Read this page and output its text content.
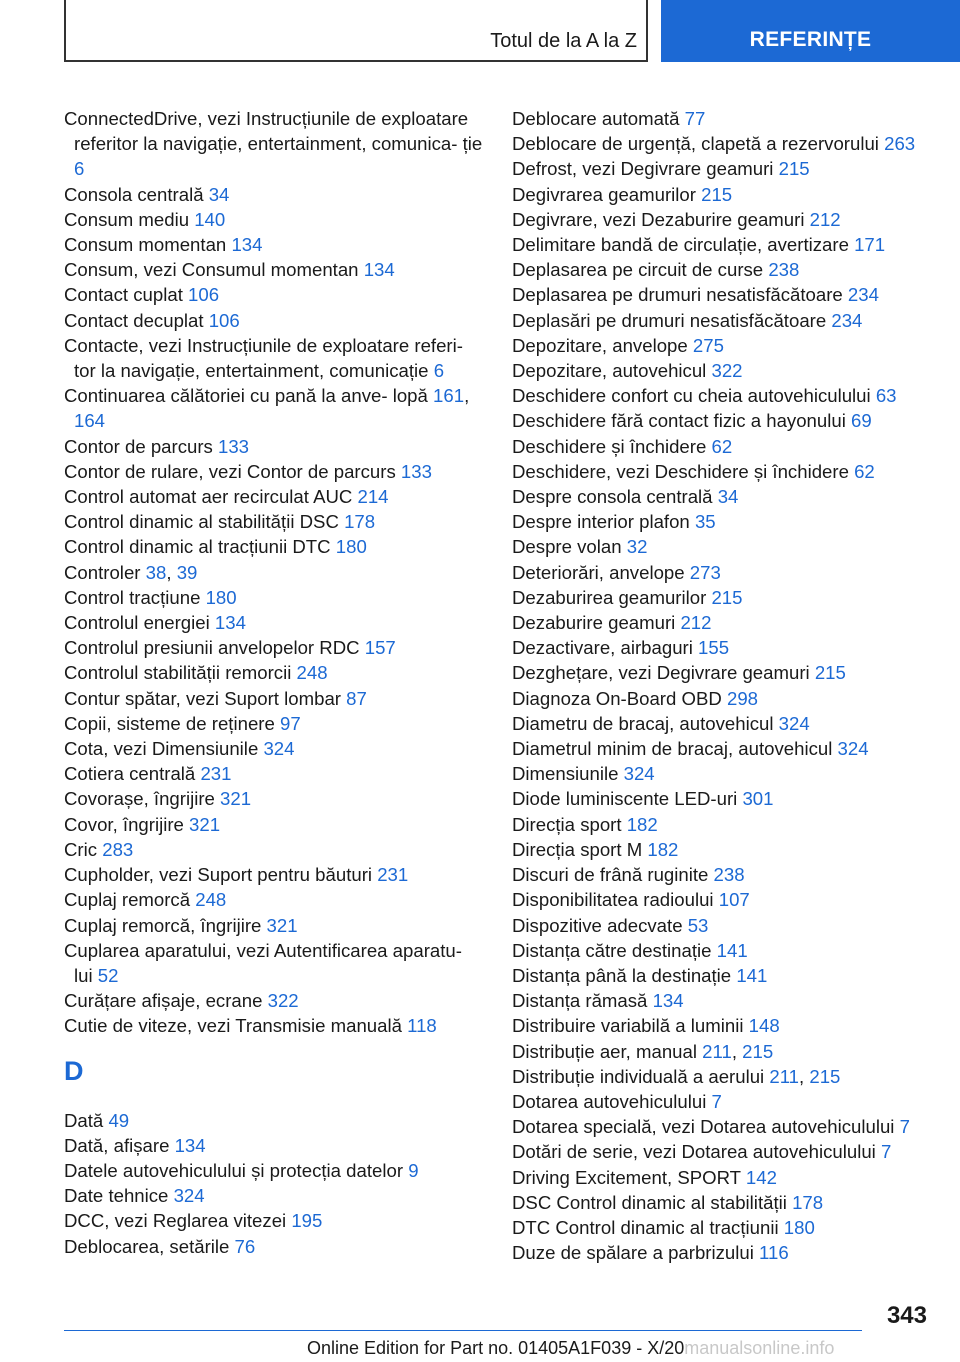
Totul de la A la Z	REFERINȚE

ConnectedDrive, vezi Instrucțiunile de exploatare referitor la navigație, entertainment, comunica‐ ție 6

Consola centrală 34

Consum mediu 140

Consum momentan 134

Consum, vezi Consumul momentan 134

Contact cuplat 106

Contact decuplat 106

Contacte, vezi Instrucțiunile de exploatare referi‐ tor la navigație, entertainment, comunicație 6

Continuarea călătoriei cu pană la anve‐ lopă 161, 164

Contor de parcurs 133

Contor de rulare, vezi Contor de parcurs 133

Control automat aer recirculat AUC 214

Control dinamic al stabilității DSC 178

Control dinamic al tracțiunii DTC 180

Controler 38, 39

Control tracțiune 180

Controlul energiei 134

Controlul presiunii anvelopelor RDC 157

Controlul stabilității remorcii 248

Contur spătar, vezi Suport lombar 87

Copii, sisteme de reținere 97

Cota, vezi Dimensiunile 324

Cotiera centrală 231

Covorașe, îngrijire 321

Covor, îngrijire 321

Cric 283

Cupholder, vezi Suport pentru băuturi 231

Cuplaj remorcă 248

Cuplaj remorcă, îngrijire 321

Cuplarea aparatului, vezi Autentificarea aparatu‐ lui 52

Curățare afișaje, ecrane 322

Cutie de viteze, vezi Transmisie manuală 118

D

Dată 49

Dată, afișare 134

Datele autovehiculului și protecția datelor 9

Date tehnice 324

DCC, vezi Reglarea vitezei 195

Deblocarea, setările 76

Deblocare automată 77

Deblocare de urgență, clapetă a rezervorului 263

Defrost, vezi Degivrare geamuri 215

Degivrarea geamurilor 215

Degivrare, vezi Dezaburire geamuri 212

Delimitare bandă de circulație, avertizare 171

Deplasarea pe circuit de curse 238

Deplasarea pe drumuri nesatisfăcătoare 234

Deplasări pe drumuri nesatisfăcătoare 234

Depozitare, anvelope 275

Depozitare, autovehicul 322

Deschidere confort cu cheia autovehiculului 63

Deschidere fără contact fizic a hayonului 69

Deschidere și închidere 62

Deschidere, vezi Deschidere și închidere 62

Despre consola centrală 34

Despre interior plafon 35

Despre volan 32

Deteriorări, anvelope 273

Dezaburirea geamurilor 215

Dezaburire geamuri 212

Dezactivare, airbaguri 155

Dezghețare, vezi Degivrare geamuri 215

Diagnoza On-Board OBD 298

Diametru de bracaj, autovehicul 324

Diametrul minim de bracaj, autovehicul 324

Dimensiunile 324

Diode luminiscente LED-uri 301

Direcția sport 182

Direcția sport M 182

Discuri de frână ruginite 238

Disponibilitatea radioului 107

Dispozitive adecvate 53

Distanța către destinație 141

Distanța până la destinație 141

Distanța rămasă 134

Distribuire variabilă a luminii 148

Distribuție aer, manual 211, 215

Distribuție individuală a aerului 211, 215

Dotarea autovehiculului 7

Dotarea specială, vezi Dotarea autovehiculului 7

Dotări de serie, vezi Dotarea autovehiculului 7

Driving Excitement, SPORT 142

DSC Control dinamic al stabilității 178

DTC Control dinamic al tracțiunii 180

Duze de spălare a parbrizului 116

343
Online Edition for Part no. 01405A1F039 - X/20manualsonline.info
